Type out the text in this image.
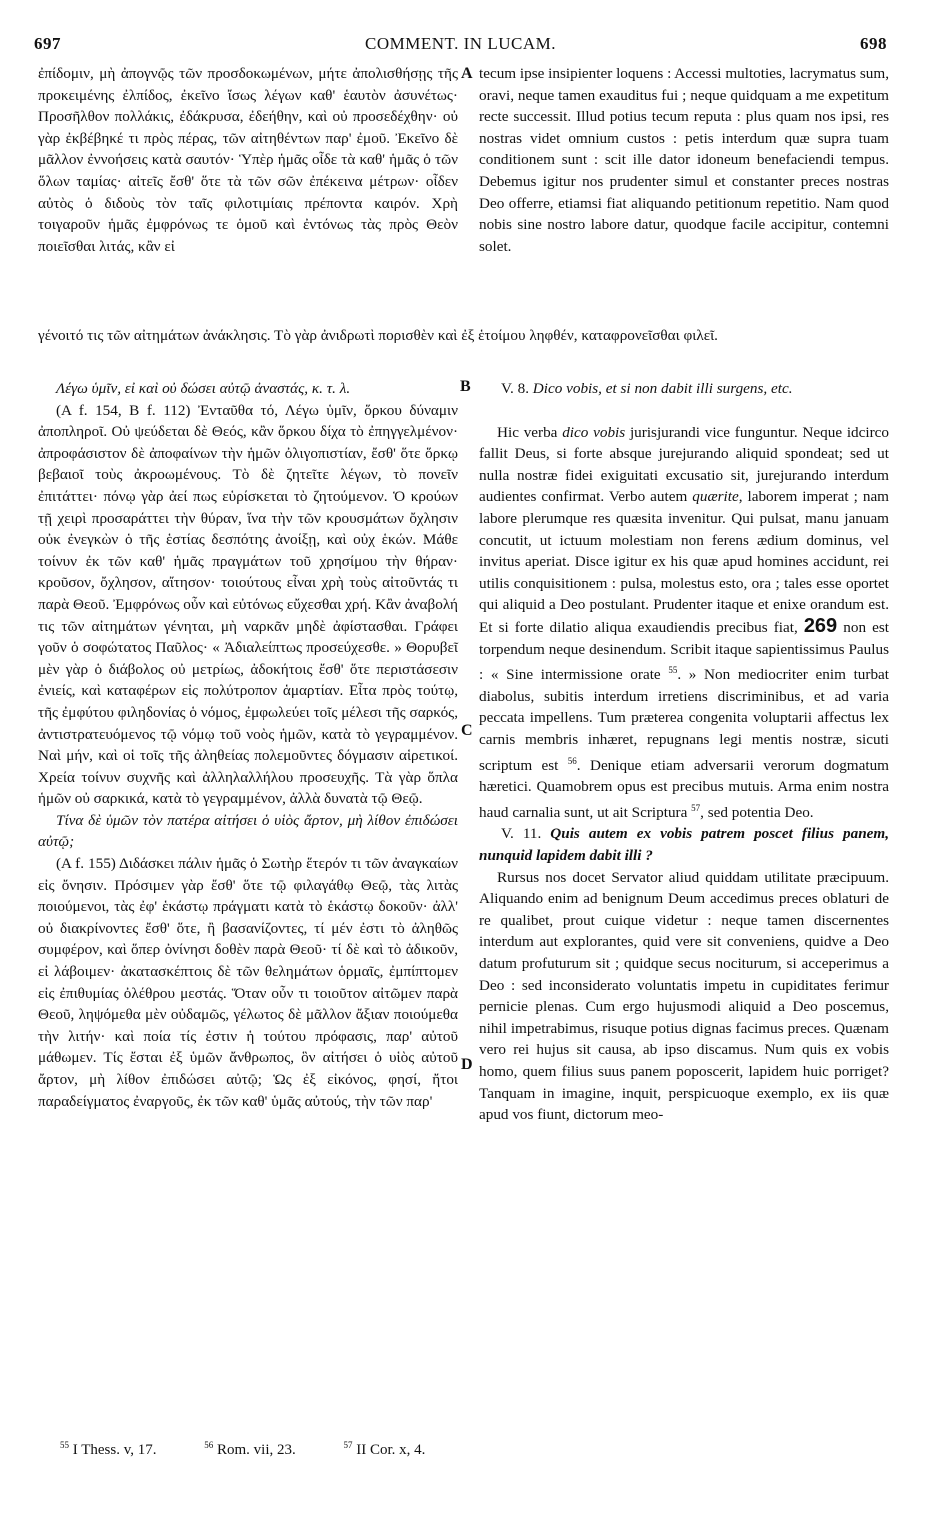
697	COMMENT. IN LUCAM.	698
A
B
C
D

ἐπίδομιν, μὴ ἀπογνῷς τῶν προσδοκωμένων, μήτε ἀπολισθήσῃς τῆς προκειμένης ἐλπίδος, ἐκεῖνο ἴσως λέγων καθ' ἑαυτὸν ἀσυνέτως· Προσῆλθον πολλάκις, ἐδάκρυσα, ἐδεήθην, καὶ οὐ προσεδέχθην· οὐ γὰρ ἐκβέβηκέ τι πρὸς πέρας, τῶν αἰτηθέντων παρ' ἐμοῦ. Ἐκεῖνο δὲ μᾶλλον ἐννοήσεις κατὰ σαυτόν· Ὑπὲρ ἡμᾶς οἶδε τὰ καθ' ἡμᾶς ὁ τῶν ὅλων ταμίας· αἰτεῖς ἔσθ' ὅτε τὰ τῶν σῶν ἐπέκεινα μέτρων· οἶδεν αὐτὸς ὁ διδοὺς τὸν ταῖς φιλοτιμίαις πρέποντα καιρόν. Χρὴ τοιγαροῦν ἡμᾶς ἐμφρόνως τε ὁμοῦ καὶ ἐντόνως τὰς πρὸς Θεὸν ποιεῖσθαι λιτάς, κἂν εἰ

tecum ipse insipienter loquens : Accessi multoties, lacrymatus sum, oravi, neque tamen exauditus fui ; neque quidquam a me expetitum recte successit. Illud potius tecum reputa : plus quam nos ipsi, res nostras videt omnium custos : petis interdum quæ supra tuam conditionem sunt : scit ille dator idoneum benefaciendi tempus. Debemus igitur nos prudenter simul et constanter preces nostras Deo offerre, etiamsi fiat aliquando petitionum repetitio. Nam quod nobis sine nostro labore datur, quodque facile accipitur, contemni solet.

γένοιτό τις τῶν αἰτημάτων ἀνάκλησις. Τὸ γὰρ ἀνιδρωτὶ πορισθὲν καὶ ἐξ ἑτοίμου ληφθέν, καταφρονεῖσθαι φιλεῖ.

Λέγω ὑμῖν, εἰ καὶ οὐ δώσει αὐτῷ ἀναστάς, κ. τ. λ.

(Α f. 154, B f. 112) Ἐνταῦθα τό, Λέγω ὑμῖν, ὅρκου δύναμιν ἀποπληροῖ. Οὐ ψεύδεται δὲ Θεός, κἂν ὅρκου δίχα τὸ ἐπηγγελμένον· ἀπροφάσιστον δὲ ἀποφαίνων τὴν ἡμῶν ὀλιγοπιστίαν, ἔσθ' ὅτε ὅρκῳ βεβαιοῖ τοὺς ἀκροωμένους. Τὸ δὲ ζητεῖτε λέγων, τὸ πονεῖν ἐπιτάττει· πόνῳ γὰρ ἀεί πως εὑρίσκεται τὸ ζητούμενον. Ὁ κρούων τῇ χειρὶ προσαράττει τὴν θύραν, ἵνα τὴν τῶν κρουσμάτων ὄχλησιν οὐκ ἐνεγκὼν ὁ τῆς ἑστίας δεσπότης ἀνοίξῃ, καὶ οὐχ ἑκών. Μάθε τοίνυν ἐκ τῶν καθ' ἡμᾶς πραγμάτων τοῦ χρησίμου τὴν θήραν· κροῦσον, ὄχλησον, αἴτησον· τοιούτους εἶναι χρὴ τοὺς αἰτοῦντάς τι παρὰ Θεοῦ. Ἐμφρόνως οὖν καὶ εὐτόνως εὔχεσθαι χρή. Κἂν ἀναβολή τις τῶν αἰτημάτων γένηται, μὴ ναρκᾶν μηδὲ ἀφίστασθαι. Γράφει γοῦν ὁ σοφώτατος Παῦλος· « Ἀδιαλείπτως προσεύχεσθε. » Θορυβεῖ μὲν γὰρ ὁ διάβολος οὐ μετρίως, ἀδοκήτοις ἔσθ' ὅτε περιστάσεσιν ἐνιείς, καὶ καταφέρων εἰς πολύτροπον ἁμαρτίαν. Εἶτα πρὸς τούτῳ, τῆς ἐμφύτου φιληδονίας ὁ νόμος, ἐμφωλεύει τοῖς μέλεσι τῆς σαρκός, ἀντιστρατευόμενος τῷ νόμῳ τοῦ νοὸς ἡμῶν, κατὰ τὸ γεγραμμένον. Ναὶ μήν, καὶ οἱ τοῖς τῆς ἀληθείας πολεμοῦντες δόγμασιν αἱρετικοί. Χρεία τοίνυν συχνῆς καὶ ἀλληλαλλήλου προσευχῆς. Τὰ γὰρ ὅπλα ἡμῶν οὐ σαρκικά, κατὰ τὸ γεγραμμένον, ἀλλὰ δυνατὰ τῷ Θεῷ.

Τίνα δὲ ὑμῶν τὸν πατέρα αἰτήσει ὁ υἱὸς ἄρτον, μὴ λίθον ἐπιδώσει αὐτῷ;

(Α f. 155) Διδάσκει πάλιν ἡμᾶς ὁ Σωτὴρ ἕτερόν τι τῶν ἀναγκαίων εἰς ὄνησιν. Πρόσιμεν γὰρ ἔσθ' ὅτε τῷ φιλαγάθῳ Θεῷ, τὰς λιτὰς ποιούμενοι, τὰς ἐφ' ἑκάστῳ πράγματι κατὰ τὸ ἑκάστῳ δοκοῦν· ἀλλ' οὐ διακρίνοντες ἔσθ' ὅτε, ἢ βασανίζοντες, τί μέν ἐστι τὸ ἀληθῶς συμφέρον, καὶ ὅπερ ὀνίνησι δοθὲν παρὰ Θεοῦ· τί δὲ καὶ τὸ ἀδικοῦν, εἰ λάβοιμεν· ἀκατασκέπτοις δὲ τῶν θελημάτων ὁρμαῖς, ἐμπίπτομεν εἰς ἐπιθυμίας ὀλέθρου μεστάς. Ὅταν οὖν τι τοιοῦτον αἰτῶμεν παρὰ Θεοῦ, ληψόμεθα μὲν οὐδαμῶς, γέλωτος δὲ μᾶλλον ἄξιαν ποιούμεθα τὴν λιτήν· καὶ ποία τίς ἐστιν ἡ τούτου πρόφασις, παρ' αὐτοῦ μάθωμεν. Τίς ἔσται ἐξ ὑμῶν ἄνθρωπος, ὃν αἰτήσει ὁ υἱὸς αὐτοῦ ἄρτον, μὴ λίθον ἐπιδώσει αὐτῷ; Ὡς ἐξ εἰκόνος, φησί, ἤτοι παραδείγματος ἐναργοῦς, ἐκ τῶν καθ' ὑμᾶς αὐτούς, τὴν τῶν παρ'

V. 8. Dico vobis, et si non dabit illi surgens, etc.

Hic verba dico vobis jurisjurandi vice funguntur. Neque idcirco fallit Deus, si forte absque jurejurando aliquid spondeat; sed ut nulla nostræ fidei exiguitati excusatio sit, jurejurando interdum audientes confirmat. Verbo autem quærite, laborem imperat ; nam labore plerumque res quæsita invenitur. Qui pulsat, manu januam concutit, ut ictuum molestiam non ferens ædium dominus, vel invitus aperiat. Disce igitur ex his quæ apud homines accidunt, rei utilis conquisitionem : pulsa, molestus esto, ora ; tales esse oportet qui aliquid a Deo postulant. Prudenter itaque et enixe orandum est. Et si forte dilatio aliqua exaudiendis precibus fiat, 269 non est torpendum neque desinendum. Scribit itaque sapientissimus Paulus : « Sine intermissione orate $^{55}$. » Non mediocriter enim turbat diabolus, subitis interdum irretiens discriminibus, et ad varia peccata impellens. Tum præterea congenita voluptarii affectus lex carnis membris inhæret, repugnans legi mentis nostræ, sicuti scriptum est $^{56}$. Denique etiam adversarii verorum dogmatum hæretici. Quamobrem opus est precibus mutuis. Arma enim nostra haud carnalia sunt, ut ait Scriptura $^{57}$, sed potentia Deo.

V. 11. Quis autem ex vobis patrem poscet filius panem, nunquid lapidem dabit illi ?

Rursus nos docet Servator aliud quiddam utilitate præcipuum. Aliquando enim ad benignum Deum accedimus preces oblaturi de re qualibet, prout cuique videtur : neque tamen discernentes interdum aut explorantes, quid vere sit conveniens, quidve a Deo datum profuturum sit ; quidque secus nociturum, si acceperimus a Deo : sed inconsiderato voluntatis impetu in cupiditates ferimur pernicie plenas. Cum ergo hujusmodi aliquid a Deo poscemus, nihil impetrabimus, risuque potius dignas facimus preces. Quænam vero rei hujus sit causa, ab ipso discamus. Num quis ex vobis homo, quem filius suus panem poposcerit, lapidem huic porriget? Tanquam in imagine, inquit, perspicuoque exemplo, ex iis quæ apud vos fiunt, dictorum meo-

$^{55}$ I Thess. v, 17.	$^{56}$ Rom. vii, 23.	$^{57}$ II Cor. x, 4.
